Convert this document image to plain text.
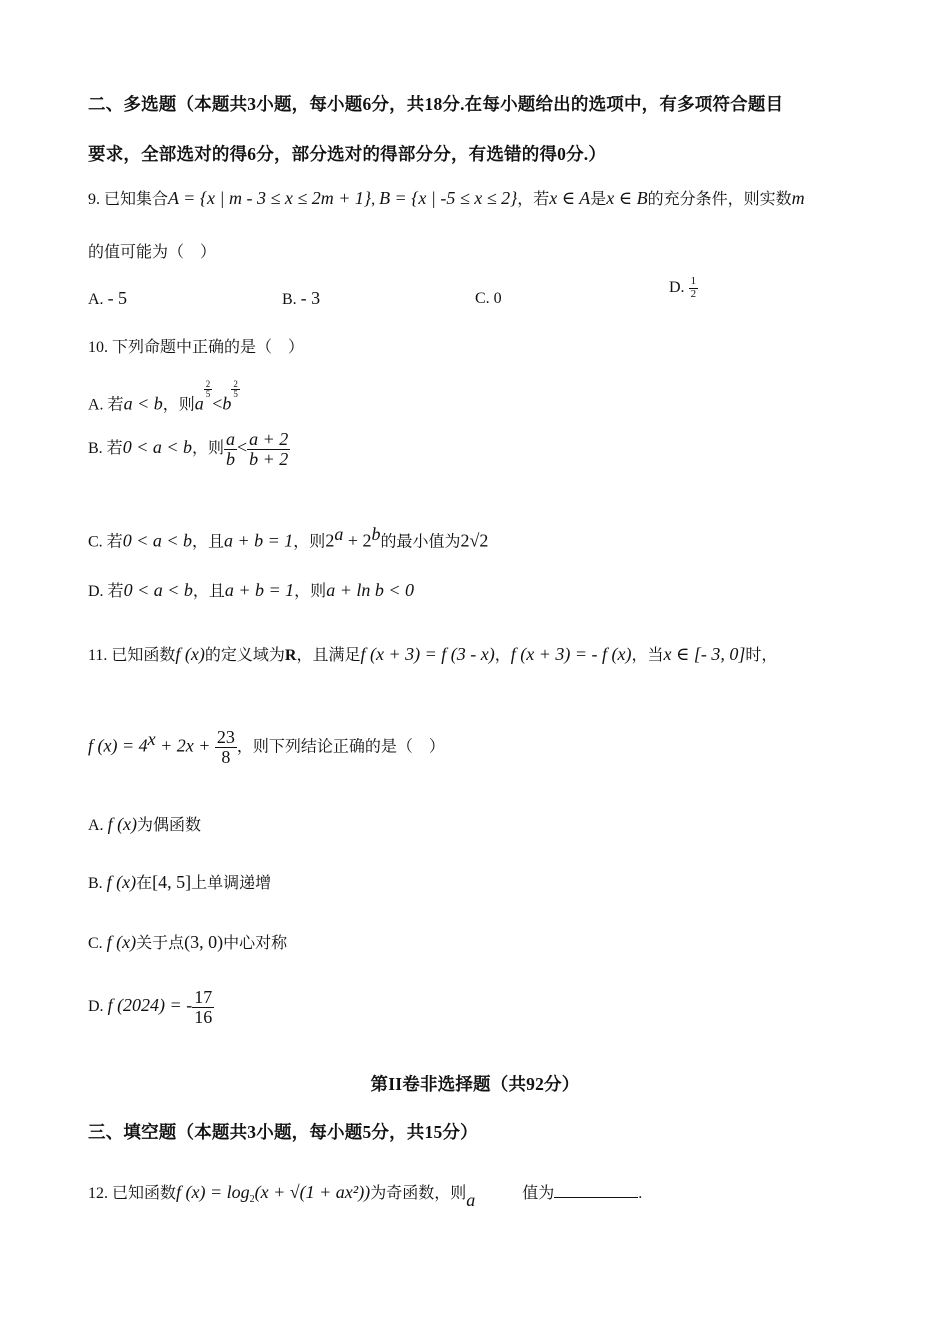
二、多选题（本题共3小题，每小题6分，共18分.在每小题给出的选项中，有多项符合题目
要求，全部选对的得6分，部分选对的得部分分，有选错的得0分.）
9. 已知集合A = {x | m - 3 ≤ x ≤ 2m + 1}, B = {x | -5 ≤ x ≤ 2}，若x ∈ A是x ∈ B的充分条件，则实数m
的值可能为（　）
A. - 5	B. - 3	C. 0
D. $\frac{1}{2}$
10. 下列命题中正确的是（　）
A. 若a < b，则a
$\frac{2}{5}$
<b
$\frac{2}{5}$
B. 若0 < a < b，则 $\frac{a}{b} < \frac{a + 2}{b + 2}$
C. 若0 < a < b，且a + b = 1，则$2^a + 2^b$的最小值为2√2
D. 若0 < a < b，且a + b = 1，则a + ln b < 0
11. 已知函数f (x)的定义域为R，且满足f (x + 3) = f (3 - x)，f (x + 3) = - f (x)，当x ∈ [- 3, 0]时，
f $(x) = 4^x + 2x + \frac{23}{8}$ ，则下列结论正确的是（　）
A. f (x)为偶函数
B. f (x)在[4, 5]上单调递增
C. f (x)关于点(3, 0)中心对称
D. f (2024) = - $\frac{17}{16}$
第II卷非选择题（共92分）
三、填空题（本题共3小题，每小题5分，共15分）
12. 已知函数f $(x) = \log_2(x + √(1 + ax^2))$为奇函数，则a	值为	.
